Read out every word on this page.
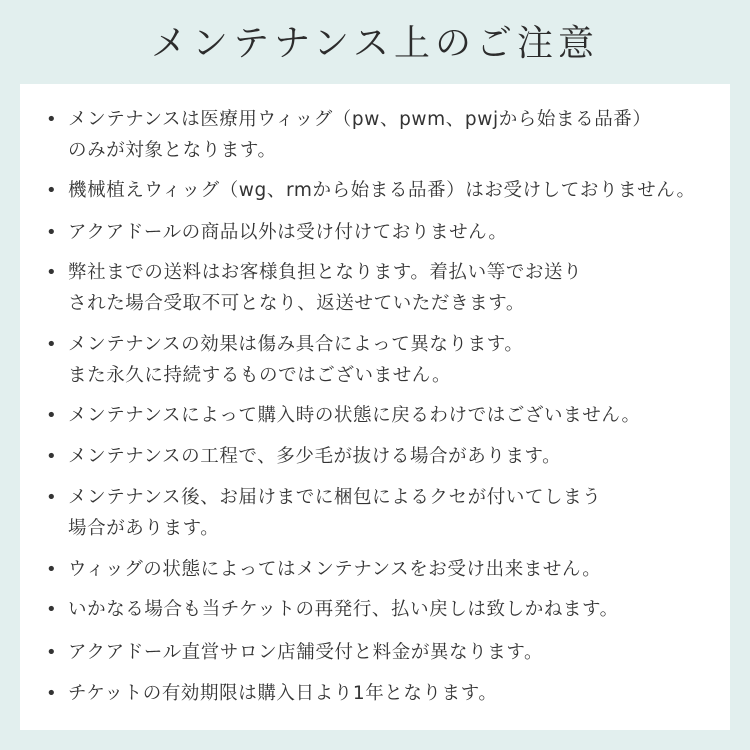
メンテナンス上のご注意
• メンテナンスは医療用ウィッグ（pw、pwm、pwjから始まる品番）
のみが対象となります。
• 機械植えウィッグ（wg、rmから始まる品番）はお受けしておりません。
• アクアドールの商品以外は受け付けておりません。
• 弊社までの送料はお客様負担となります。着払い等でお送り
された場合受取不可となり、返送せていただきます。
• メンテナンスの効果は傷み具合によって異なります。
また永久に持続するものではございません。
• メンテナンスによって購入時の状態に戻るわけではございません。
• メンテナンスの工程で、多少毛が抜ける場合があります。
• メンテナンス後、お届けまでに梱包によるクセが付いてしまう
場合があります。
• ウィッグの状態によってはメンテナンスをお受け出来ません。
• いかなる場合も当チケットの再発行、払い戻しは致しかねます。
• アクアドール直営サロン店舗受付と料金が異なります。
• チケットの有効期限は購入日より1年となります。
